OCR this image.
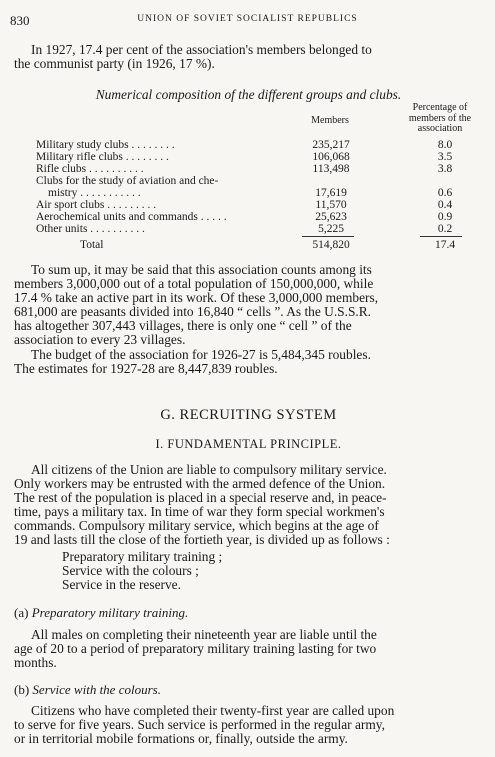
830	UNION OF SOVIET SOCIALIST REPUBLICS
In 1927, 17.4 per cent of the association's members belonged to
the communist party (in 1926, 17 %).
Numerical composition of the different groups and clubs.
Members
Percentage of
members of the
association
Military study clubs . . . . . . . .	235,217	8.0
Military rifle clubs . . . . . . . .	106,068	3.5
Rifle clubs . . . . . . . . . .	113,498	3.8
Clubs for the study of aviation and che-
mistry . . . . . . . . . . .	17,619	0.6
Air sport clubs . . . . . . . . .	11,570	0.4
Aerochemical units and commands . . . . .	25,623	0.9
Other units . . . . . . . . . .	5,225	0.2
Total	514,820	17.4
To sum up, it may be said that this association counts among its
members 3,000,000 out of a total population of 150,000,000, while
17.4 % take an active part in its work. Of these 3,000,000 members,
681,000 are peasants divided into 16,840 “ cells ”. As the U.S.S.R.
has altogether 307,443 villages, there is only one “ cell ” of the
association to every 23 villages.
The budget of the association for 1926-27 is 5,484,345 roubles.
The estimates for 1927-28 are 8,447,839 roubles.
G. RECRUITING SYSTEM
I. FUNDAMENTAL PRINCIPLE.
All citizens of the Union are liable to compulsory military service.
Only workers may be entrusted with the armed defence of the Union.
The rest of the population is placed in a special reserve and, in peace-
time, pays a military tax. In time of war they form special workmen's
commands. Compulsory military service, which begins at the age of
19 and lasts till the close of the fortieth year, is divided up as follows :
Preparatory military training ;
Service with the colours ;
Service in the reserve.
(a) Preparatory military training.
All males on completing their nineteenth year are liable until the
age of 20 to a period of preparatory military training lasting for two
months.
(b) Service with the colours.
Citizens who have completed their twenty-first year are called upon
to serve for five years. Such service is performed in the regular army,
or in territorial mobile formations or, finally, outside the army.
